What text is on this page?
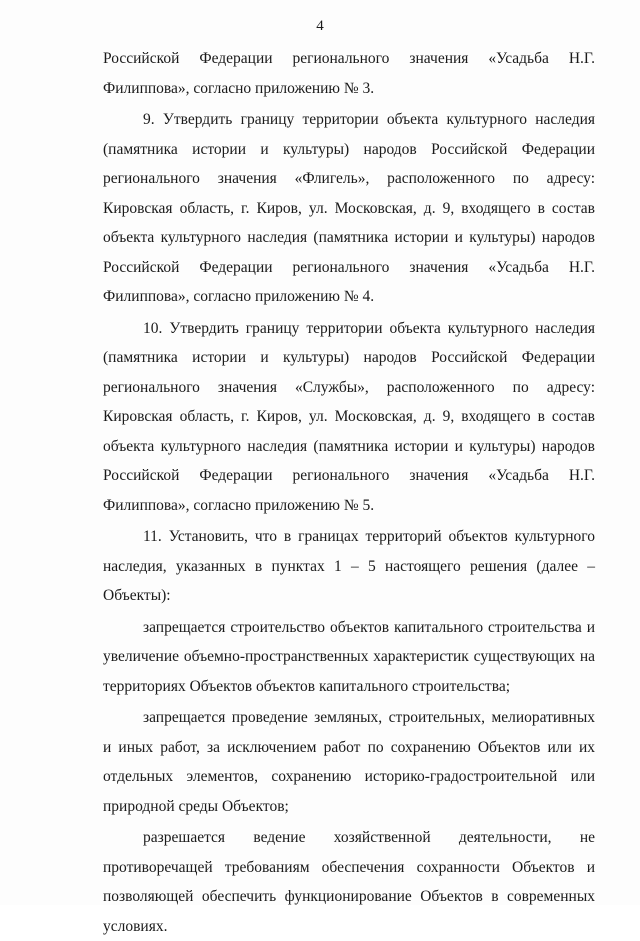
4

Российской Федерации регионального значения «Усадьба Н.Г. Филиппова», согласно приложению № 3.

9. Утвердить границу территории объекта культурного наследия (памятника истории и культуры) народов Российской Федерации регионального значения «Флигель», расположенного по адресу: Кировская область, г. Киров, ул. Московская, д. 9, входящего в состав объекта культурного наследия (памятника истории и культуры) народов Российской Федерации регионального значения «Усадьба Н.Г. Филиппова», согласно приложению № 4.

10. Утвердить границу территории объекта культурного наследия (памятника истории и культуры) народов Российской Федерации регионального значения «Службы», расположенного по адресу: Кировская область, г. Киров, ул. Московская, д. 9, входящего в состав объекта культурного наследия (памятника истории и культуры) народов Российской Федерации регионального значения «Усадьба Н.Г. Филиппова», согласно приложению № 5.

11. Установить, что в границах территорий объектов культурного наследия, указанных в пунктах 1 – 5 настоящего решения (далее – Объекты):

запрещается строительство объектов капитального строительства и увеличение объемно-пространственных характеристик существующих на территориях Объектов объектов капитального строительства;

запрещается проведение земляных, строительных, мелиоративных и иных работ, за исключением работ по сохранению Объектов или их отдельных элементов, сохранению историко-градостроительной или природной среды Объектов;

разрешается ведение хозяйственной деятельности, не противоречащей требованиям обеспечения сохранности Объектов и позволяющей обеспечить функционирование Объектов в современных условиях.
